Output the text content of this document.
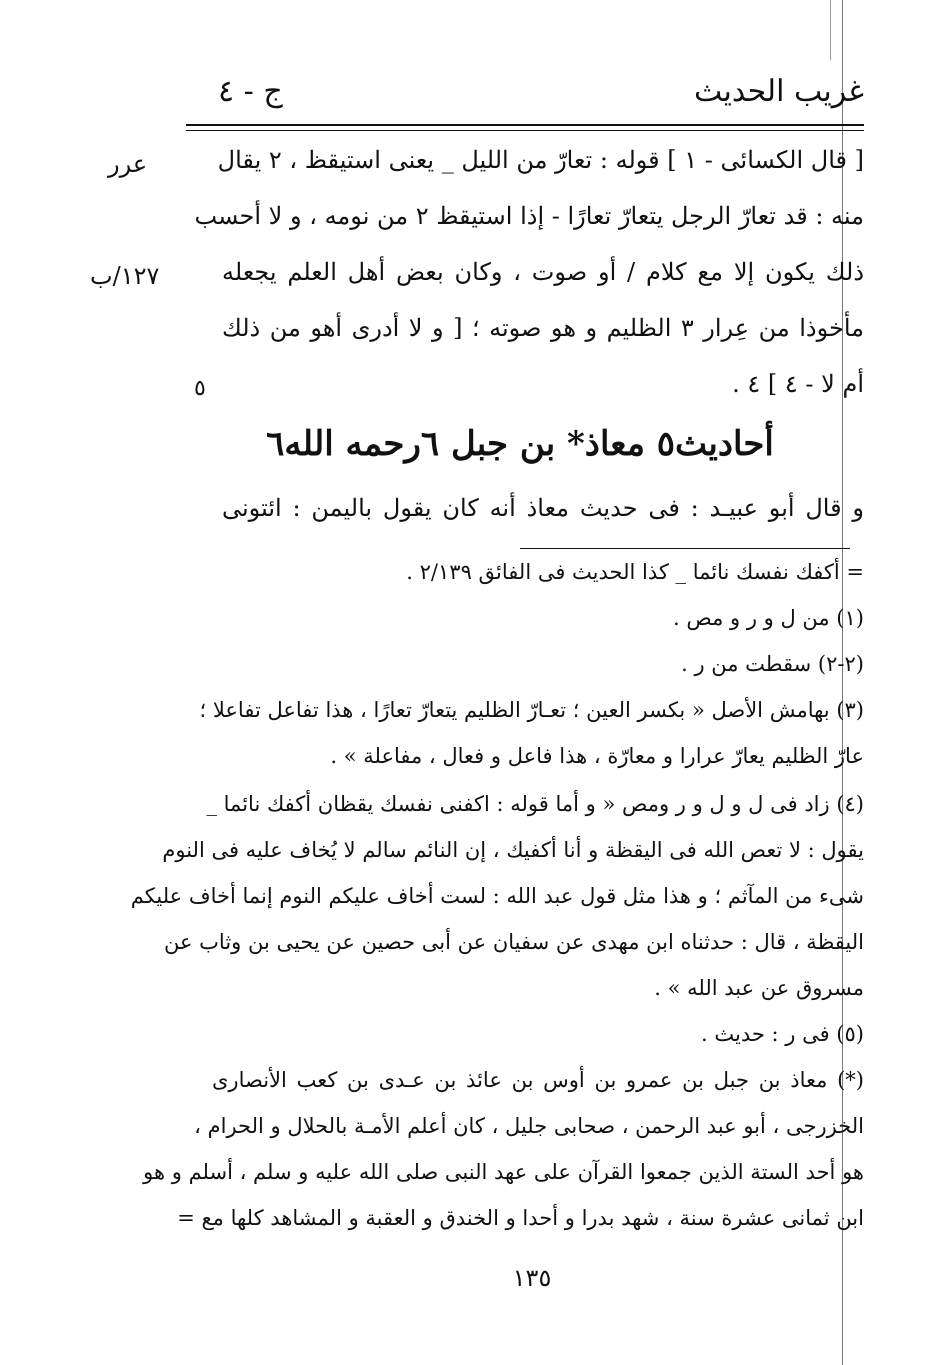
غريب الحديث
ج - ٤
عرر
١٢٧/ب
٥
[ قال الكسائى - ١ ] قوله : تعارّ من الليل _ يعنى استيقظ ، ٢ يقال
منه : قد تعارّ الرجل يتعارّ تعارًا - إذا استيقظ ٢ من نومه ، و لا أحسب
ذلك يكون إلا مع كلام / أو صوت ، وكان بعض أهل العلم يجعله
مأخوذا من عِرار ٣ الظليم و هو صوته ؛ [ و لا أدرى أهو من ذلك
أم لا - ٤ ] ٤ .
أحاديث٥ معاذ* بن جبل ٦رحمه الله٦
و قال أبو عبيـد : فى حديث معاذ أنه كان يقول باليمن : ائتونى
= أكفك نفسك نائما _ كذا الحديث فى الفائق ٢/١٣٩ .
(١) من ل و ر و مص .
(٢-٢) سقطت من ر .
(٣) بهامش الأصل « بكسر العين ؛ تعـارّ الظليم يتعارّ تعارًا ، هذا تفاعل تفاعلا ؛
عارّ الظليم يعارّ عرارا و معارّة ، هذا فاعل و فعال ، مفاعلة » .
(٤) زاد فى ل و ل و ر ومص « و أما قوله : اكفنى نفسك يقظان أكفك نائما _
يقول : لا تعص الله فى اليقظة و أنا أكفيك ، إن النائم سالم لا يُخاف عليه فى النوم
شىء من المآثم ؛ و هذا مثل قول عبد الله : لست أخاف عليكم النوم إنما أخاف عليكم
اليقظة ، قال : حدثناه ابن مهدى عن سفيان عن أبى حصين عن يحيى بن وثاب عن
مسروق عن عبد الله » .
(٥) فى ر : حديث .
(*) معاذ بن جبل بن عمرو بن أوس بن عائذ بن عـدى بن كعب الأنصارى
الخزرجى ، أبو عبد الرحمن ، صحابى جليل ، كان أعلم الأمـة بالحلال و الحرام ،
هو أحد الستة الذين جمعوا القرآن على عهد النبى صلى الله عليه و سلم ، أسلم و هو
ابن ثمانى عشرة سنة ، شهد بدرا و أحدا و الخندق و العقبة و المشاهد كلها مع =
١٣٥
